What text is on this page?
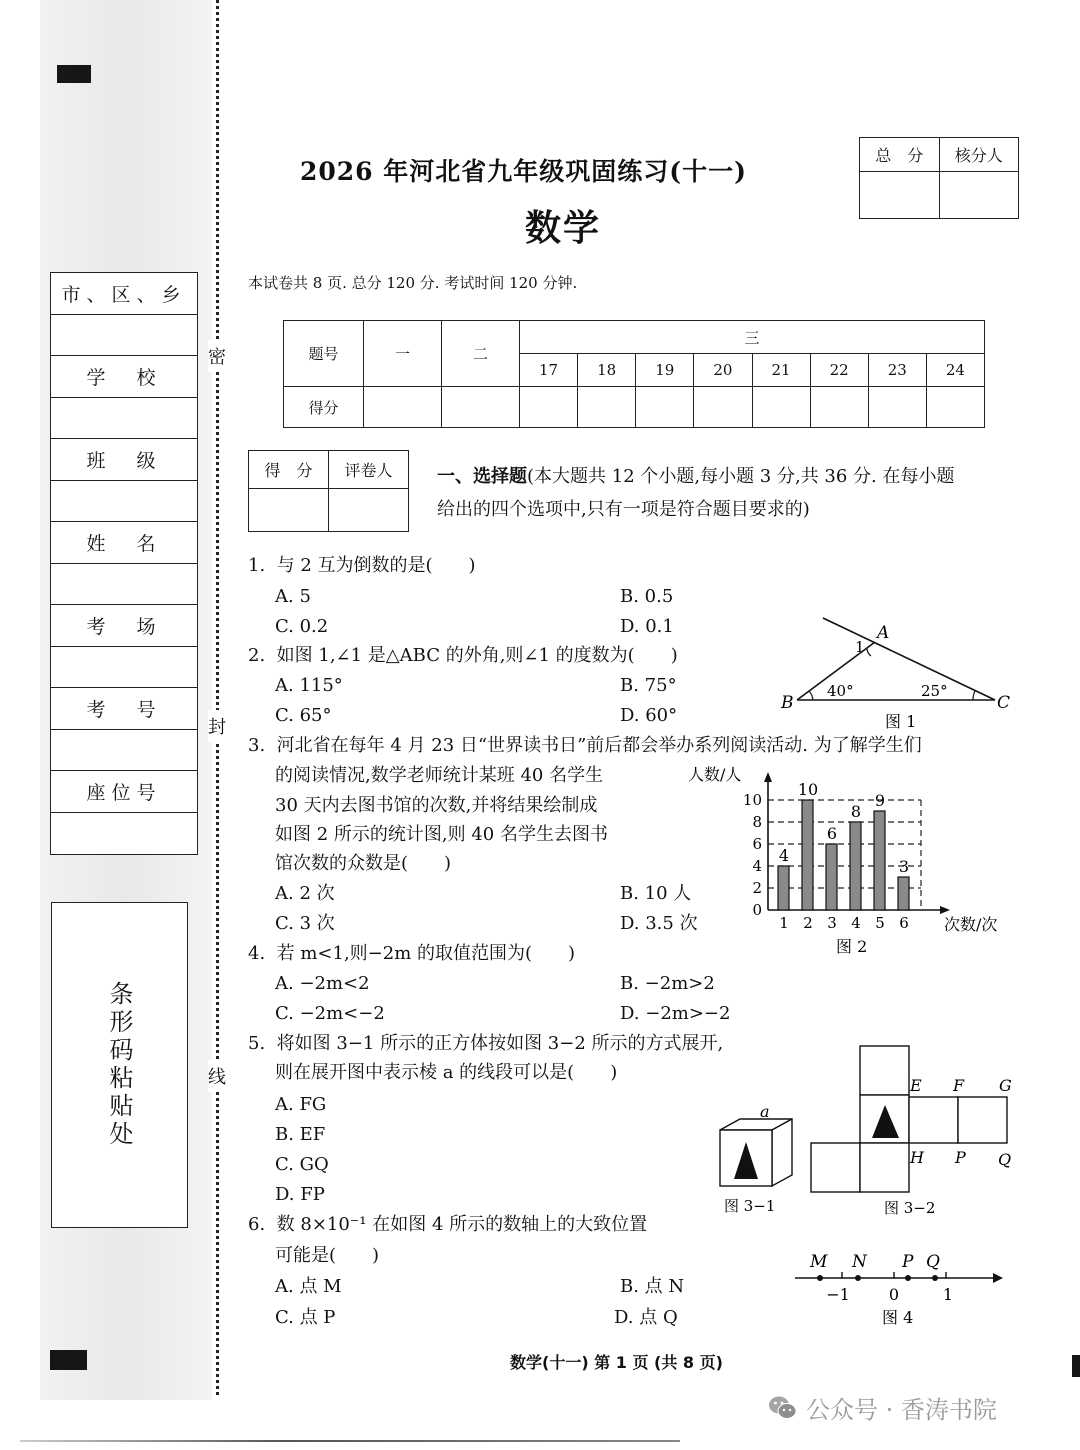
市、区、乡
学　校
班　级
姓　名
考　场
考　号
座位号
条形码粘贴处
密
封
线
2026 年河北省九年级巩固练习(十一)
数学
总　分	核分人

本试卷共 8 页. 总分 120 分. 考试时间 120 分钟.
题号	一	二	三							
			17	18	19	20	21	22	23	24
得分										
得　分	评卷人
	一、选择题(本大题共 12 个小题,每小题 3 分,共 36 分. 在每小题
给出的四个选项中,只有一项是符合题目要求的)
1. 与 2 互为倒数的是(　　)
A. 5	B. 0.5
C. 0.2	D. 0.1
2. 如图 1,∠1 是△ABC 的外角,则∠1 的度数为(　　)
A. 115°	B. 75°
C. 65°	D. 60°
A
B	C
1
40°	25°
图 1
3. 河北省在每年 4 月 23 日“世界读书日”前后都会举办系列阅读活动. 为了解学生们
的阅读情况,数学老师统计某班 40 名学生
30 天内去图书馆的次数,并将结果绘制成
如图 2 所示的统计图,则 40 名学生去图书
馆次数的众数是(　　)
A. 2 次	B. 10 人
C. 3 次	D. 3.5 次
人数/人
0
2
4
6
8
10
4
10
6
8
9
3
1 2 3 4 5 6 次数/次
图 2
4. 若 m<1,则−2m 的取值范围为(　　)
A. −2m<2	B. −2m>2
C. −2m<−2	D. −2m>−2
5. 将如图 3−1 所示的正方体按如图 3−2 所示的方式展开,
则在展开图中表示棱 a 的线段可以是(　　)
A. FG
B. EF
C. GQ
D. FP
a
图 3−1
E F G
H P Q
图 3−2
6. 数 8×10⁻¹ 在如图 4 所示的数轴上的大致位置
可能是(　　)
A. 点 M	B. 点 N
C. 点 P	D. 点 Q
M N P Q
−1 0	1
图 4
数学(十一) 第 1 页 (共 8 页)
公众号 · 香涛书院
